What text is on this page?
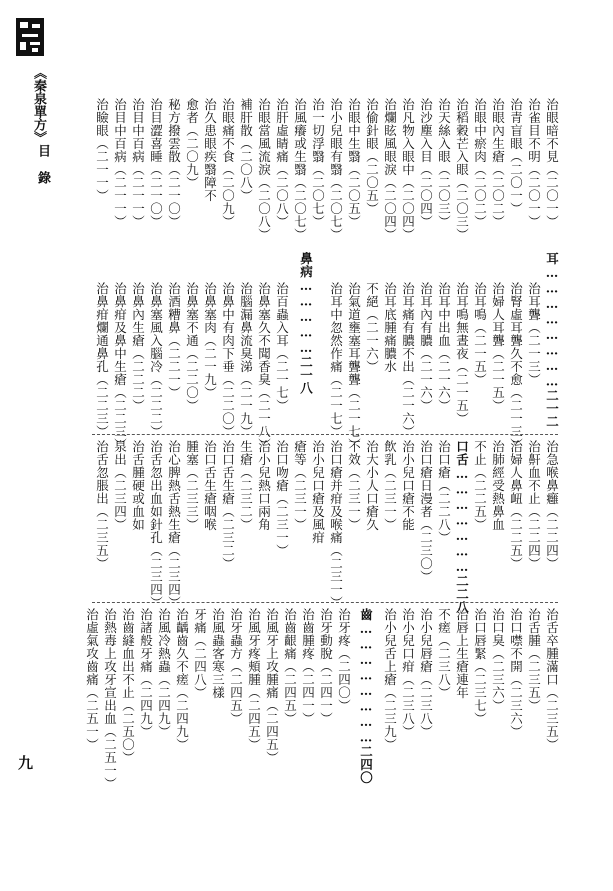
《秦泉單方》
目錄
九
治眼暗不見（二〇一）
治雀目不明（二〇一）
治青盲眼（二〇一）
治眼內生瘡（二〇二）
治眼中瘀肉（二〇二）
治稻穀芒入眼（二〇三）
治天絲入眼（二〇三）
治沙塵入目（二〇四）
治凡物入眼中（二〇四）
治爛眩風眼淚（二〇四）
治偷針眼（二〇五）
治眼中生翳（二〇五）
治小兒眼有翳（二〇七）
治一切浮翳（二〇七）
治風癢或生翳（二〇七）
治肝虛睛痛（二〇八）
治眼當風流淚（二〇八）
補肝散（二〇八）
治眼痛不食（二〇九）
治久患眼疾翳障不
愈者（二〇九）
秘方撥雲散（二一〇）
治目澀喜睡（二一〇）
治目中百病（二一一）
治目中百病（二一一）
治瞼眼（二一一）
耳……………………二一二
治耳聾（二一三）
治腎虛耳聾久不愈（二一三）
治婦人耳聾（二一五）
治耳鳴（二一五）
治耳鳴無晝夜（二一五）
治耳中出血（二一六）
治耳內有膿（二一六）
治耳痛有膿不出（二一六）
治耳底腫痛膿水
不絕（二一六）
治氣道壅塞耳聾聾（二一七）
治耳中忽然作痛（二一七）
鼻病……………二一八
治百蟲入耳（二一七）
治鼻塞久不聞香臭（二一八）
治腦漏鼻流臭涕（二一九）
治鼻中有肉下垂（二二〇）
治鼻塞肉（二一九）
治鼻塞不通（二二〇）
治酒糟鼻（二二一）
治鼻塞風入腦冷（二二二）
治鼻內生瘡（二二二）
治鼻疳及鼻中生瘡（二二三）
治鼻疳爛通鼻孔（二二三）
治急喉鼻癰（二二四）
治鼾血不止（二二四）
治婦人鼻衄（二二五）
治肺經受熱鼻血
不止（二二五）
口舌…………………二二八
治口瘡（二二八）
治口瘡日漫者（二三〇）
治小兒口瘡不能
飲乳（二三一）
治大小人口瘡久
不效（二三一）
治口瘡并疳及喉痛（二三一）
治小兒口瘡及風疳
瘡等（二三一）
治口吻瘡（二三一）
治小兒熱口兩角
生瘡（二三二）
治口舌生瘡（二三二）
治口舌生瘡咽喉
腫塞（二三三）
治心脾熱舌熱生瘡（二三四）
治舌忽出血如針孔（二三四）
治舌腫硬或血如
泉出（二三四）
治舌忽脹出（二三五）
治舌卒腫滿口（二三五）
治舌腫（二三五）
治口噤不開（二三六）
治口臭（二三六）
治口唇緊（二三七）
治唇上生瘡連年
不瘥（二三八）
治小兒唇瘡（二三八）
治小兒口疳（二三八）
治小兒舌上瘡（二三九）
齒……………………二四〇
治牙疼（二四〇）
治牙動脫（二四一）
治齒腫疼（二四一）
治齒齦痛（二四五）
治風牙上攻腫痛（二四五）
治風牙疼頰腫（二四五）
治牙蟲方（二四五）
治風蟲客寒三樣
牙痛（二四八）
治齲齒久不瘥（二四九）
治風冷熱蟲（二四九）
治諸般牙痛（二四九）
治齒縫血出不止（二五〇）
治熱毒上攻牙宣出血（二五一）
治虛氣攻齒痛（二五一）
